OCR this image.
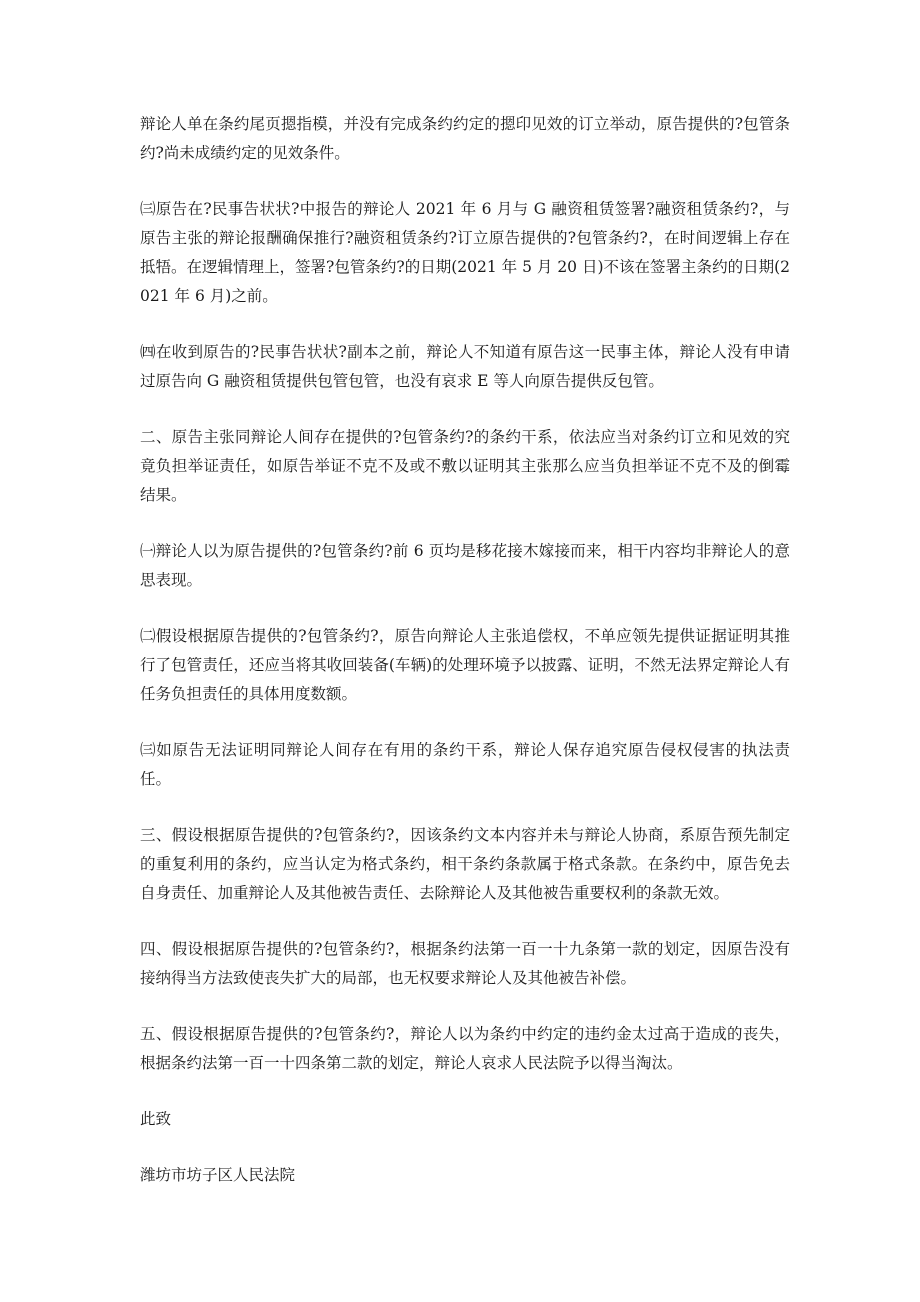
辩论人单在条约尾页摁指模，并没有完成条约约定的摁印见效的订立举动，原告提供的?包管条约?尚未成绩约定的见效条件。

㈢原告在?民事告状状?中报告的辩论人 2021 年 6 月与 G 融资租赁签署?融资租赁条约?，与原告主张的辩论报酬确保推行?融资租赁条约?订立原告提供的?包管条约?，在时间逻辑上存在抵牾。在逻辑情理上，签署?包管条约?的日期(2021 年 5 月 20 日)不该在签署主条约的日期(2021 年 6 月)之前。

㈣在收到原告的?民事告状状?副本之前，辩论人不知道有原告这一民事主体，辩论人没有申请过原告向 G 融资租赁提供包管包管，也没有哀求 E 等人向原告提供反包管。

二、原告主张同辩论人间存在提供的?包管条约?的条约干系，依法应当对条约订立和见效的究竟负担举证责任，如原告举证不克不及或不敷以证明其主张那么应当负担举证不克不及的倒霉结果。

㈠辩论人以为原告提供的?包管条约?前 6 页均是移花接木嫁接而来，相干内容均非辩论人的意思表现。

㈡假设根据原告提供的?包管条约?，原告向辩论人主张追偿权，不单应领先提供证据证明其推行了包管责任，还应当将其收回装备(车辆)的处理环境予以披露、证明，不然无法界定辩论人有任务负担责任的具体用度数额。

㈢如原告无法证明同辩论人间存在有用的条约干系，辩论人保存追究原告侵权侵害的执法责任。

三、假设根据原告提供的?包管条约?，因该条约文本内容并未与辩论人协商，系原告预先制定的重复利用的条约，应当认定为格式条约，相干条约条款属于格式条款。在条约中，原告免去自身责任、加重辩论人及其他被告责任、去除辩论人及其他被告重要权利的条款无效。

四、假设根据原告提供的?包管条约?，根据条约法第一百一十九条第一款的划定，因原告没有接纳得当方法致使丧失扩大的局部，也无权要求辩论人及其他被告补偿。

五、假设根据原告提供的?包管条约?，辩论人以为条约中约定的违约金太过高于造成的丧失，根据条约法第一百一十四条第二款的划定，辩论人哀求人民法院予以得当淘汰。

此致

潍坊市坊子区人民法院
